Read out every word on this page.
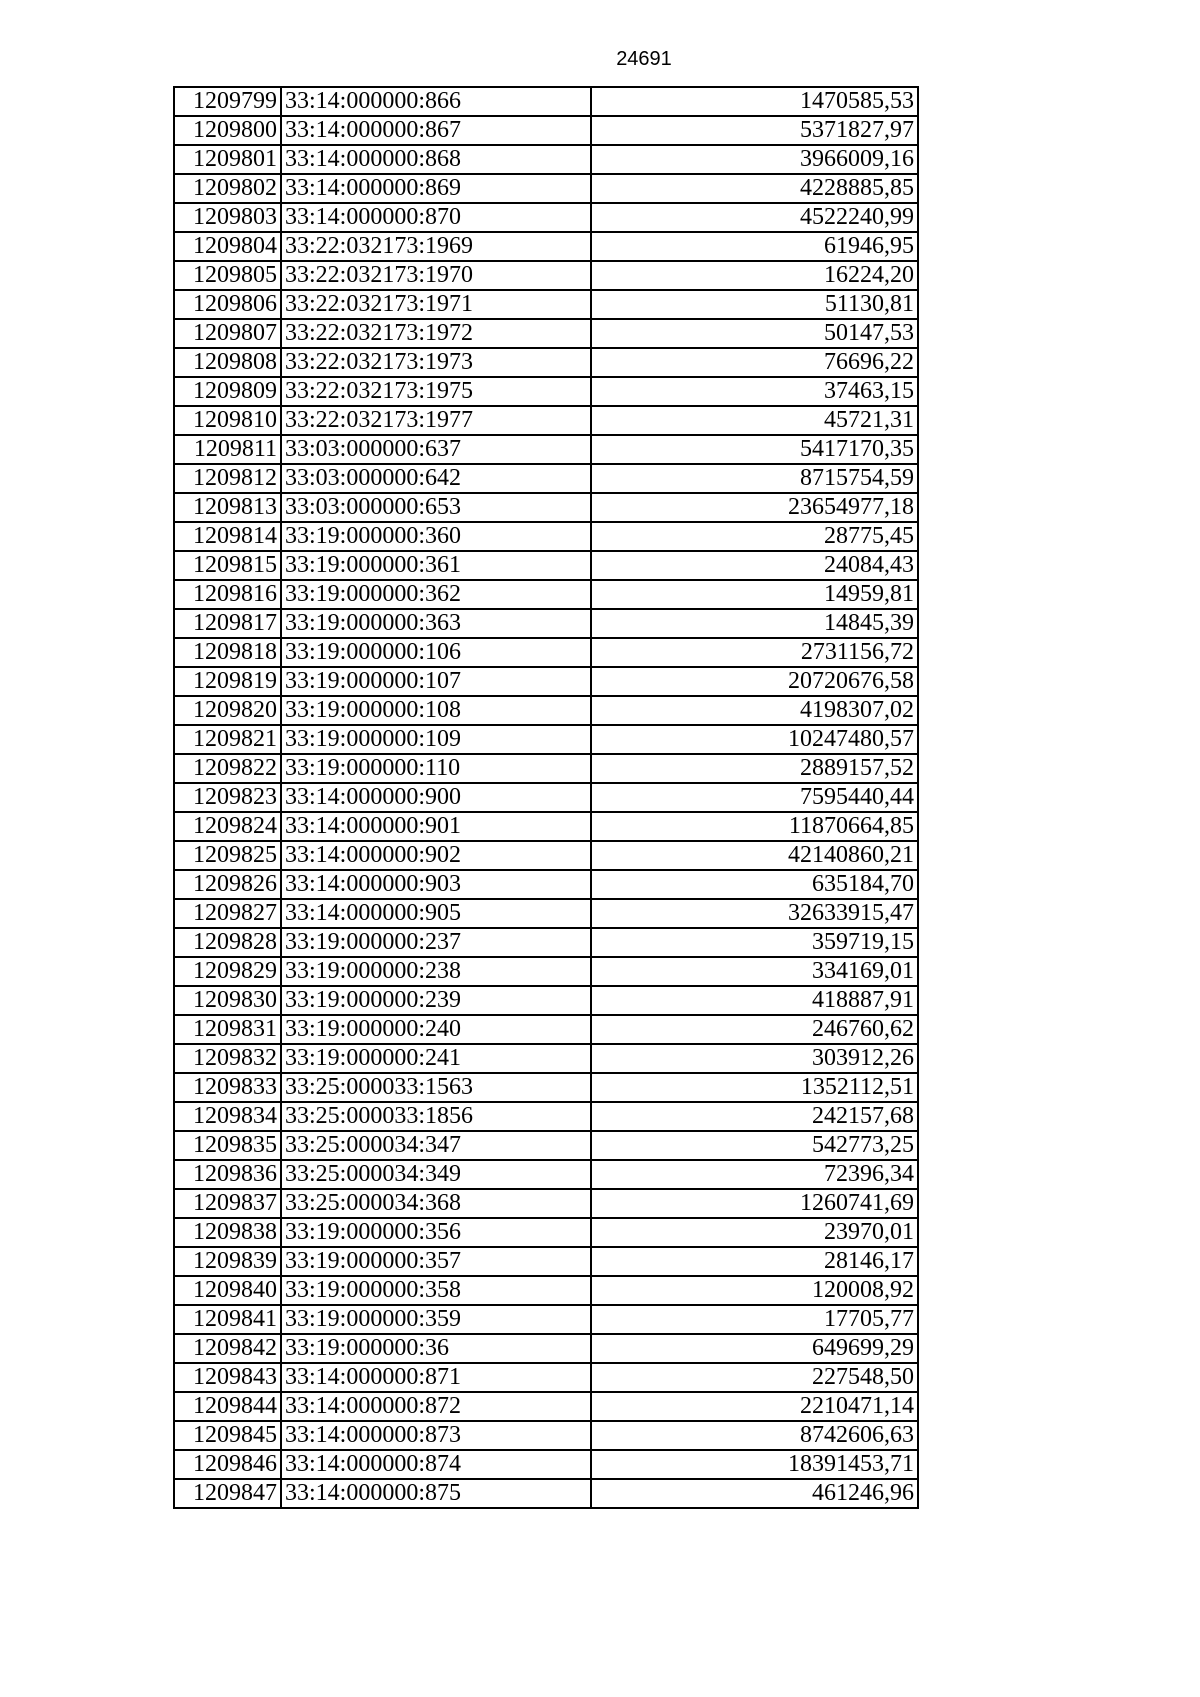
24691
1209799	33:14:000000:866	1470585,53
1209800	33:14:000000:867	5371827,97
1209801	33:14:000000:868	3966009,16
1209802	33:14:000000:869	4228885,85
1209803	33:14:000000:870	4522240,99
1209804	33:22:032173:1969	61946,95
1209805	33:22:032173:1970	16224,20
1209806	33:22:032173:1971	51130,81
1209807	33:22:032173:1972	50147,53
1209808	33:22:032173:1973	76696,22
1209809	33:22:032173:1975	37463,15
1209810	33:22:032173:1977	45721,31
1209811	33:03:000000:637	5417170,35
1209812	33:03:000000:642	8715754,59
1209813	33:03:000000:653	23654977,18
1209814	33:19:000000:360	28775,45
1209815	33:19:000000:361	24084,43
1209816	33:19:000000:362	14959,81
1209817	33:19:000000:363	14845,39
1209818	33:19:000000:106	2731156,72
1209819	33:19:000000:107	20720676,58
1209820	33:19:000000:108	4198307,02
1209821	33:19:000000:109	10247480,57
1209822	33:19:000000:110	2889157,52
1209823	33:14:000000:900	7595440,44
1209824	33:14:000000:901	11870664,85
1209825	33:14:000000:902	42140860,21
1209826	33:14:000000:903	635184,70
1209827	33:14:000000:905	32633915,47
1209828	33:19:000000:237	359719,15
1209829	33:19:000000:238	334169,01
1209830	33:19:000000:239	418887,91
1209831	33:19:000000:240	246760,62
1209832	33:19:000000:241	303912,26
1209833	33:25:000033:1563	1352112,51
1209834	33:25:000033:1856	242157,68
1209835	33:25:000034:347	542773,25
1209836	33:25:000034:349	72396,34
1209837	33:25:000034:368	1260741,69
1209838	33:19:000000:356	23970,01
1209839	33:19:000000:357	28146,17
1209840	33:19:000000:358	120008,92
1209841	33:19:000000:359	17705,77
1209842	33:19:000000:36	649699,29
1209843	33:14:000000:871	227548,50
1209844	33:14:000000:872	2210471,14
1209845	33:14:000000:873	8742606,63
1209846	33:14:000000:874	18391453,71
1209847	33:14:000000:875	461246,96
